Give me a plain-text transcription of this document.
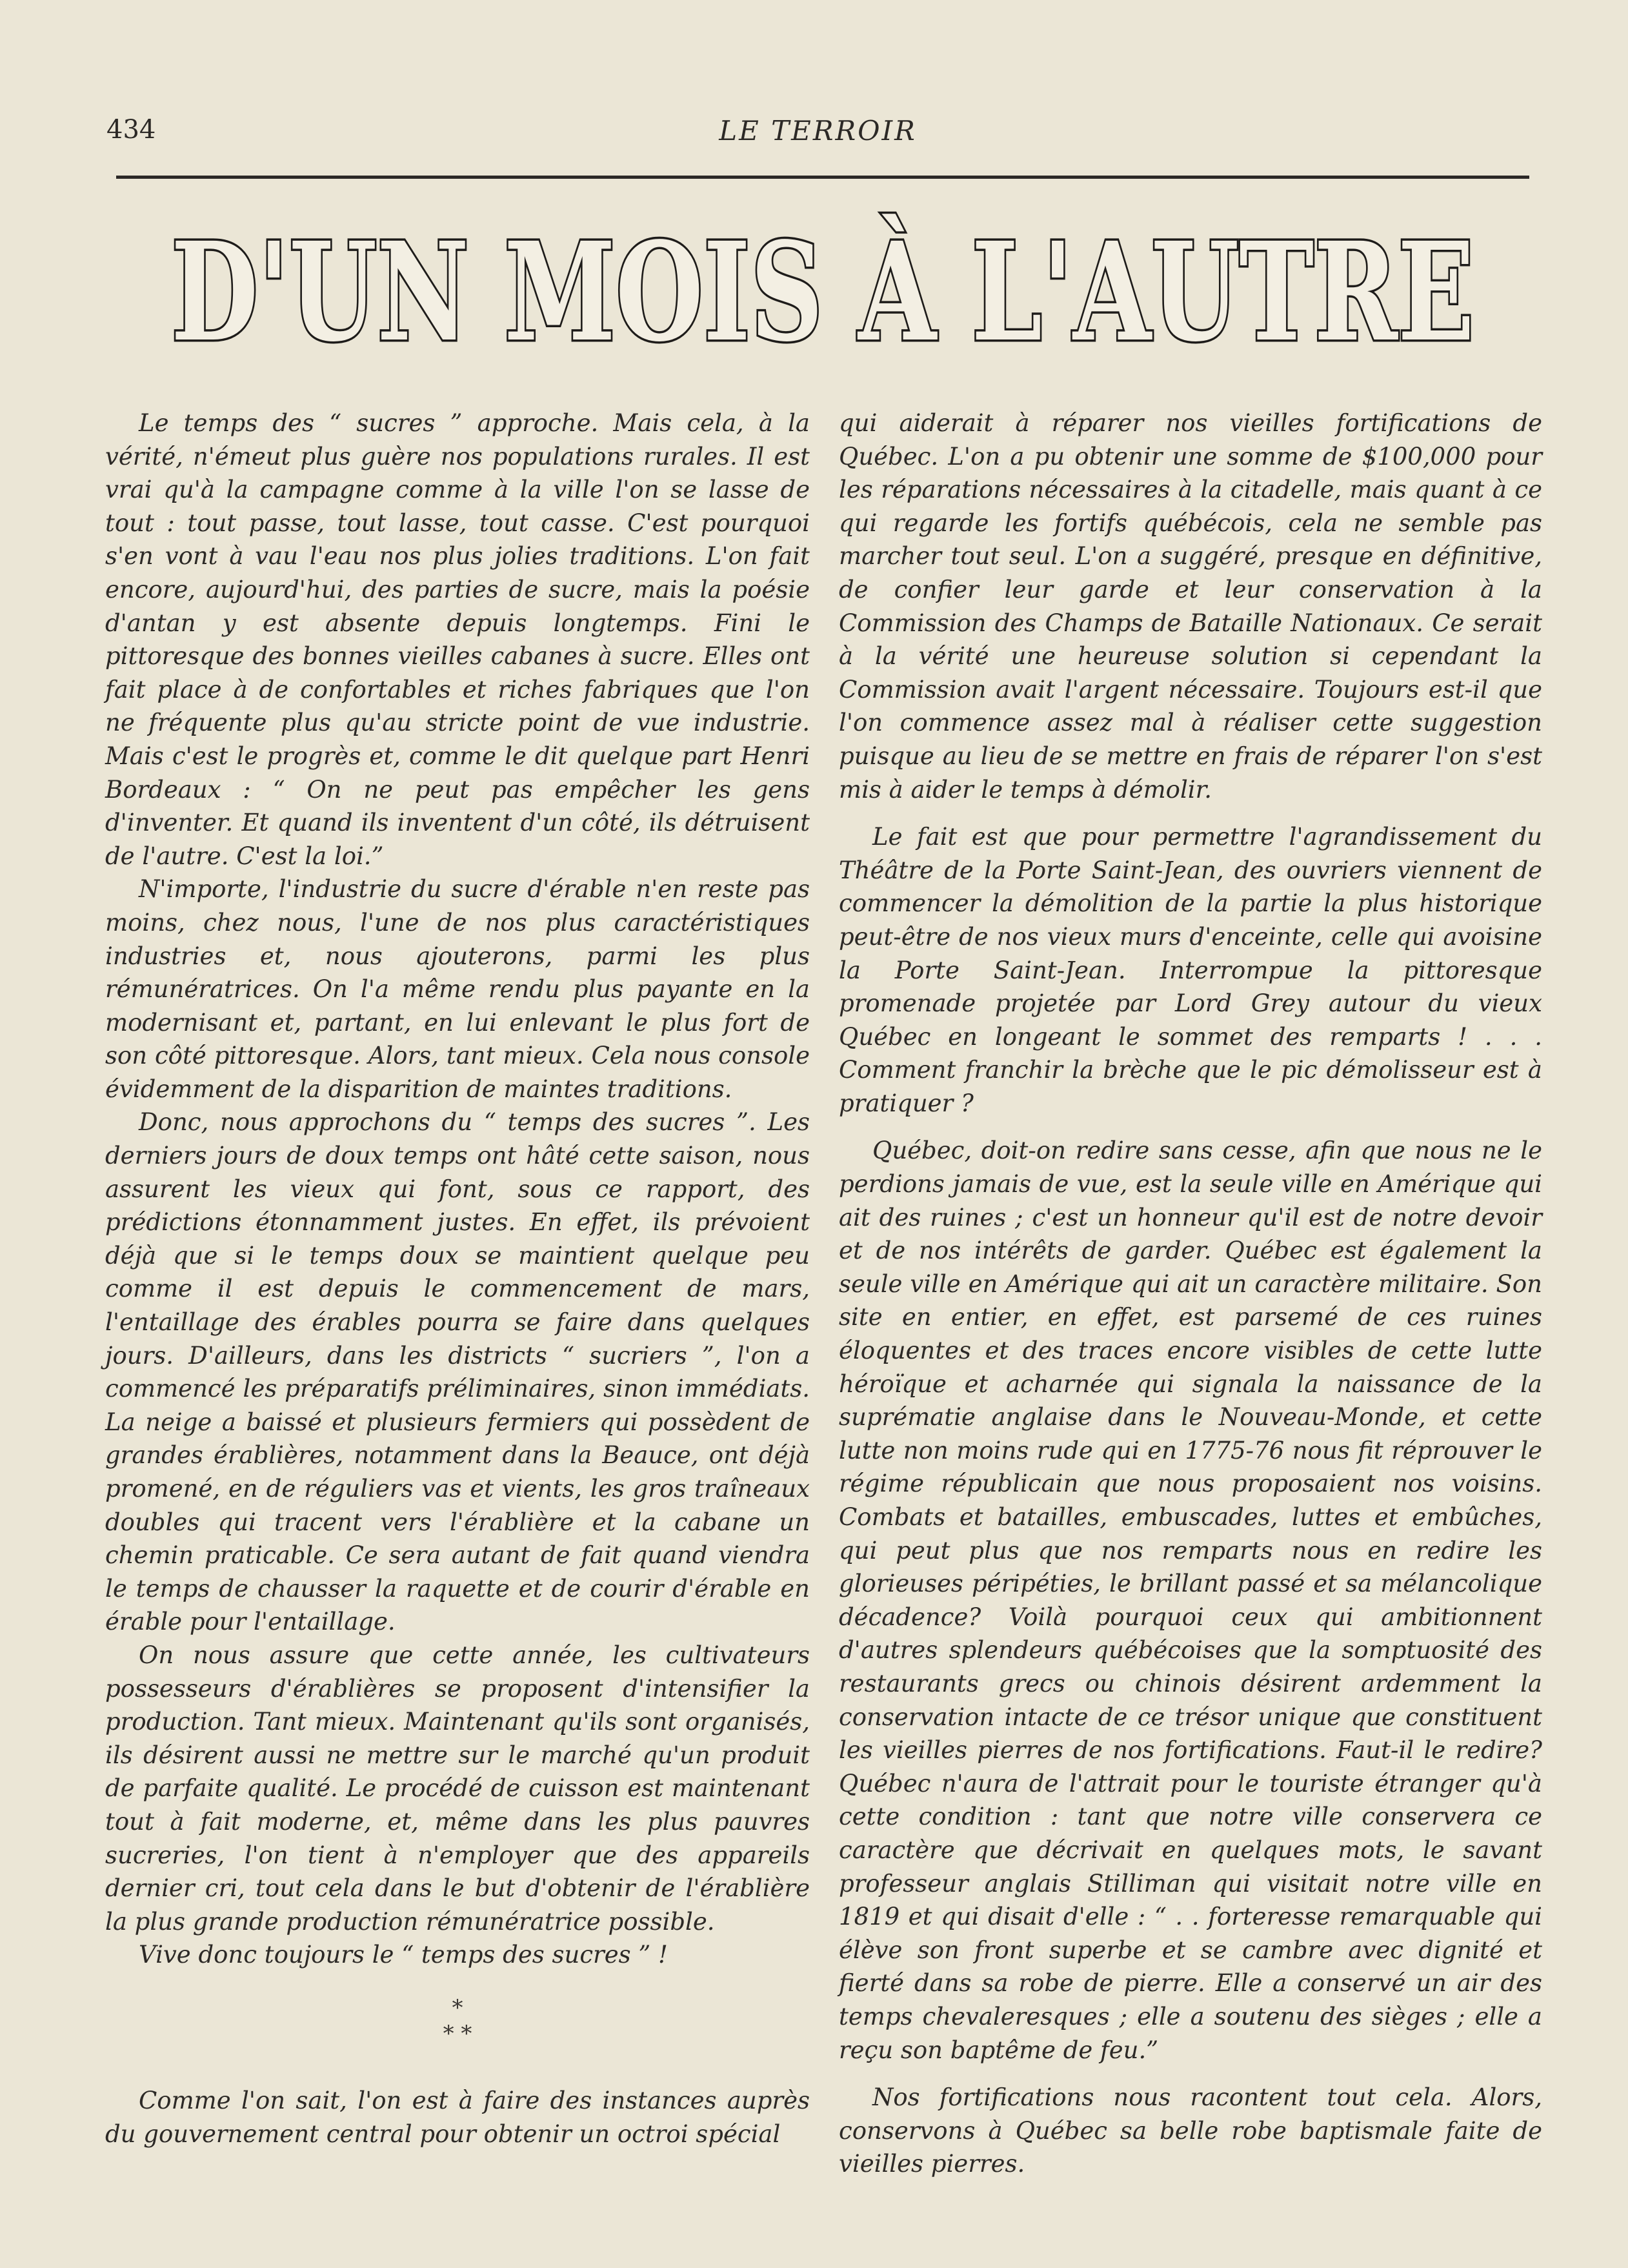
434	LE TERROIR
D'UN MOIS À L'AUTRE

Le temps des “ sucres ” approche. Mais cela, à la vérité, n'émeut plus guère nos populations rurales. Il est vrai qu'à la campagne comme à la ville l'on se lasse de tout : tout passe, tout lasse, tout casse. C'est pourquoi s'en vont à vau l'eau nos plus jolies traditions. L'on fait encore, aujourd'hui, des parties de sucre, mais la poésie d'antan y est absente depuis longtemps. Fini le pittoresque des bonnes vieilles cabanes à sucre. Elles ont fait place à de confortables et riches fabriques que l'on ne fréquente plus qu'au stricte point de vue industrie. Mais c'est le progrès et, comme le dit quelque part Henri Bordeaux : “ On ne peut pas empêcher les gens d'inventer. Et quand ils inventent d'un côté, ils détruisent de l'autre. C'est la loi.”

N'importe, l'industrie du sucre d'érable n'en reste pas moins, chez nous, l'une de nos plus caractéristiques industries et, nous ajouterons, parmi les plus rémunératrices. On l'a même rendu plus payante en la modernisant et, partant, en lui enlevant le plus fort de son côté pittoresque. Alors, tant mieux. Cela nous console évidemment de la disparition de maintes traditions.

Donc, nous approchons du “ temps des sucres ”. Les derniers jours de doux temps ont hâté cette saison, nous assurent les vieux qui font, sous ce rapport, des prédictions étonnamment justes. En effet, ils prévoient déjà que si le temps doux se maintient quelque peu comme il est depuis le commencement de mars, l'entaillage des érables pourra se faire dans quelques jours. D'ailleurs, dans les districts “ sucriers ”, l'on a commencé les préparatifs préliminaires, sinon immédiats. La neige a baissé et plusieurs fermiers qui possèdent de grandes érablières, notamment dans la Beauce, ont déjà promené, en de réguliers vas et vients, les gros traîneaux doubles qui tracent vers l'érablière et la cabane un chemin praticable. Ce sera autant de fait quand viendra le temps de chausser la raquette et de courir d'érable en érable pour l'entaillage.

On nous assure que cette année, les cultivateurs possesseurs d'érablières se proposent d'intensifier la production. Tant mieux. Maintenant qu'ils sont organisés, ils désirent aussi ne mettre sur le marché qu'un produit de parfaite qualité. Le procédé de cuisson est maintenant tout à fait moderne, et, même dans les plus pauvres sucreries, l'on tient à n'employer que des appareils dernier cri, tout cela dans le but d'obtenir de l'érablière la plus grande production rémunératrice possible.

Vive donc toujours le “ temps des sucres ” !

*
* *

Comme l'on sait, l'on est à faire des instances auprès du gouvernement central pour obtenir un octroi spécial

qui aiderait à réparer nos vieilles fortifications de Québec. L'on a pu obtenir une somme de $100,000 pour les réparations nécessaires à la citadelle, mais quant à ce qui regarde les fortifs québécois, cela ne semble pas marcher tout seul. L'on a suggéré, presque en définitive, de confier leur garde et leur conservation à la Commission des Champs de Bataille Nationaux. Ce serait à la vérité une heureuse solution si cependant la Commission avait l'argent nécessaire. Toujours est-il que l'on commence assez mal à réaliser cette suggestion puisque au lieu de se mettre en frais de réparer l'on s'est mis à aider le temps à démolir.

Le fait est que pour permettre l'agrandissement du Théâtre de la Porte Saint-Jean, des ouvriers viennent de commencer la démolition de la partie la plus historique peut-être de nos vieux murs d'enceinte, celle qui avoisine la Porte Saint-Jean. Interrompue la pittoresque promenade projetée par Lord Grey autour du vieux Québec en longeant le sommet des remparts ! . . . Comment franchir la brèche que le pic démolisseur est à pratiquer ?

Québec, doit-on redire sans cesse, afin que nous ne le perdions jamais de vue, est la seule ville en Amérique qui ait des ruines ; c'est un honneur qu'il est de notre devoir et de nos intérêts de garder. Québec est également la seule ville en Amérique qui ait un caractère militaire. Son site en entier, en effet, est parsemé de ces ruines éloquentes et des traces encore visibles de cette lutte héroïque et acharnée qui signala la naissance de la suprématie anglaise dans le Nouveau-Monde, et cette lutte non moins rude qui en 1775-76 nous fit réprouver le régime républicain que nous proposaient nos voisins. Combats et batailles, embuscades, luttes et embûches, qui peut plus que nos remparts nous en redire les glorieuses péripéties, le brillant passé et sa mélancolique décadence? Voilà pourquoi ceux qui ambitionnent d'autres splendeurs québécoises que la somptuosité des restaurants grecs ou chinois désirent ardemment la conservation intacte de ce trésor unique que constituent les vieilles pierres de nos fortifications. Faut-il le redire? Québec n'aura de l'attrait pour le touriste étranger qu'à cette condition : tant que notre ville conservera ce caractère que décrivait en quelques mots, le savant professeur anglais Stilliman qui visitait notre ville en 1819 et qui disait d'elle : “ . . forteresse remarquable qui élève son front superbe et se cambre avec dignité et fierté dans sa robe de pierre. Elle a conservé un air des temps chevaleresques ; elle a soutenu des sièges ; elle a reçu son baptême de feu.”

Nos fortifications nous racontent tout cela. Alors, conservons à Québec sa belle robe baptismale faite de vieilles pierres.
